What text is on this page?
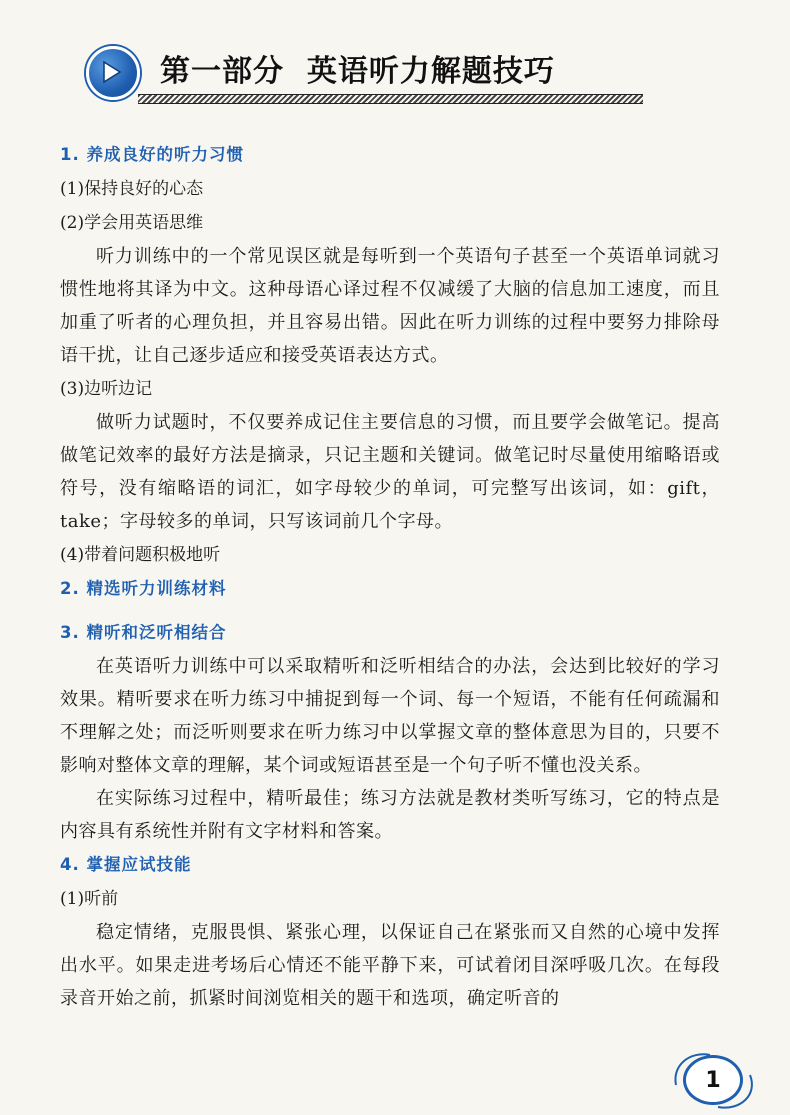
第一部分  英语听力解题技巧

1. 养成良好的听力习惯

(1)保持良好的心态

(2)学会用英语思维

听力训练中的一个常见误区就是每听到一个英语句子甚至一个英语单词就习惯性地将其译为中文。这种母语心译过程不仅减缓了大脑的信息加工速度，而且加重了听者的心理负担，并且容易出错。因此在听力训练的过程中要努力排除母语干扰，让自己逐步适应和接受英语表达方式。

(3)边听边记

做听力试题时，不仅要养成记住主要信息的习惯，而且要学会做笔记。提高做笔记效率的最好方法是摘录，只记主题和关键词。做笔记时尽量使用缩略语或符号，没有缩略语的词汇，如字母较少的单词，可完整写出该词，如：gift，take；字母较多的单词，只写该词前几个字母。

(4)带着问题积极地听

2. 精选听力训练材料

3. 精听和泛听相结合

在英语听力训练中可以采取精听和泛听相结合的办法，会达到比较好的学习效果。精听要求在听力练习中捕捉到每一个词、每一个短语，不能有任何疏漏和不理解之处；而泛听则要求在听力练习中以掌握文章的整体意思为目的，只要不影响对整体文章的理解，某个词或短语甚至是一个句子听不懂也没关系。

在实际练习过程中，精听最佳；练习方法就是教材类听写练习，它的特点是内容具有系统性并附有文字材料和答案。

4. 掌握应试技能

(1)听前

稳定情绪，克服畏惧、紧张心理，以保证自己在紧张而又自然的心境中发挥出水平。如果走进考场后心情还不能平静下来，可试着闭目深呼吸几次。在每段录音开始之前，抓紧时间浏览相关的题干和选项，确定听音的

1
